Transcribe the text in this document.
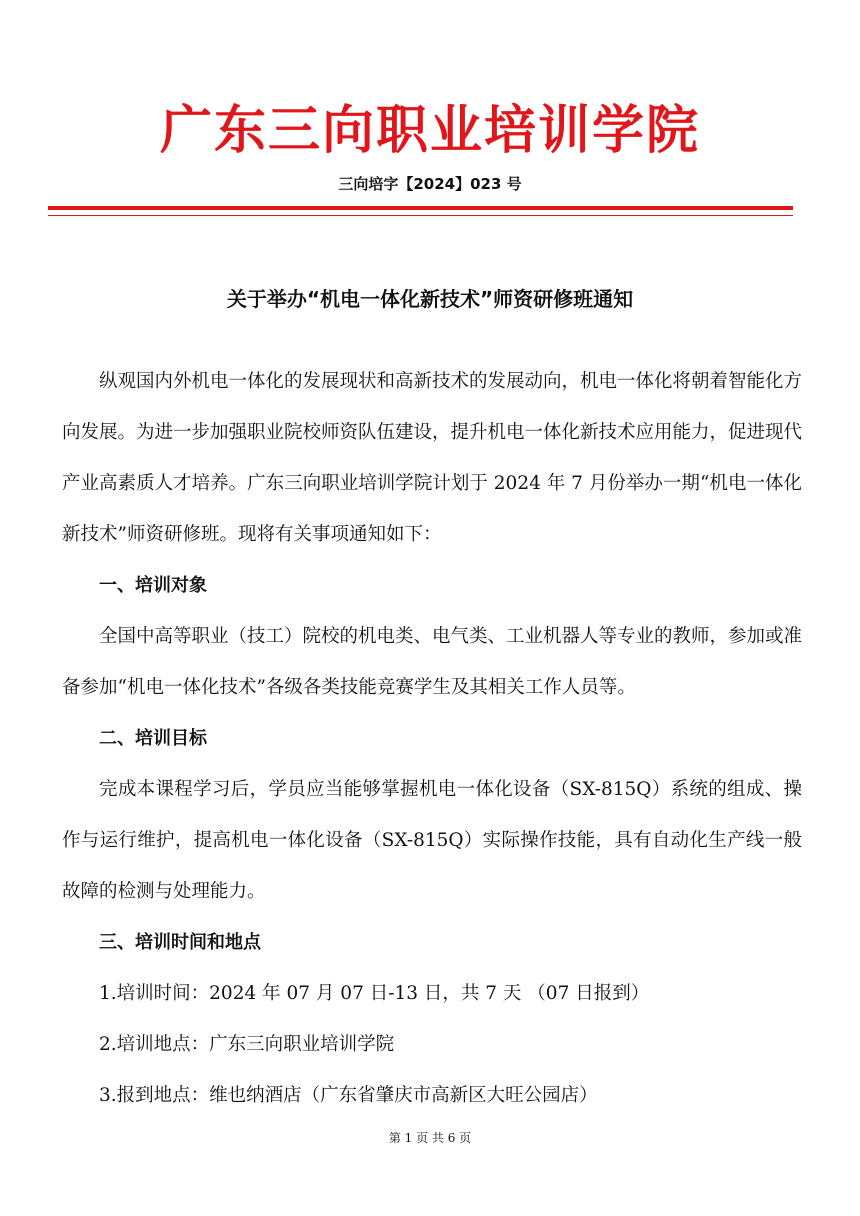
广东三向职业培训学院
三向培字【2024】023 号
关于举办“机电一体化新技术”师资研修班通知

纵观国内外机电一体化的发展现状和高新技术的发展动向，机电一体化将朝着智能化方向发展。为进一步加强职业院校师资队伍建设，提升机电一体化新技术应用能力，促进现代产业高素质人才培养。广东三向职业培训学院计划于 2024 年 7 月份举办一期“机电一体化新技术”师资研修班。现将有关事项通知如下：

一、培训对象

全国中高等职业（技工）院校的机电类、电气类、工业机器人等专业的教师，参加或准备参加“机电一体化技术”各级各类技能竞赛学生及其相关工作人员等。

二、培训目标

完成本课程学习后，学员应当能够掌握机电一体化设备（SX-815Q）系统的组成、操作与运行维护，提高机电一体化设备（SX-815Q）实际操作技能，具有自动化生产线一般故障的检测与处理能力。

三、培训时间和地点

1.培训时间：2024 年 07 月 07 日-13 日，共 7 天 （07 日报到）

2.培训地点：广东三向职业培训学院

3.报到地点：维也纳酒店（广东省肇庆市高新区大旺公园店）

第 1 页 共 6 页
